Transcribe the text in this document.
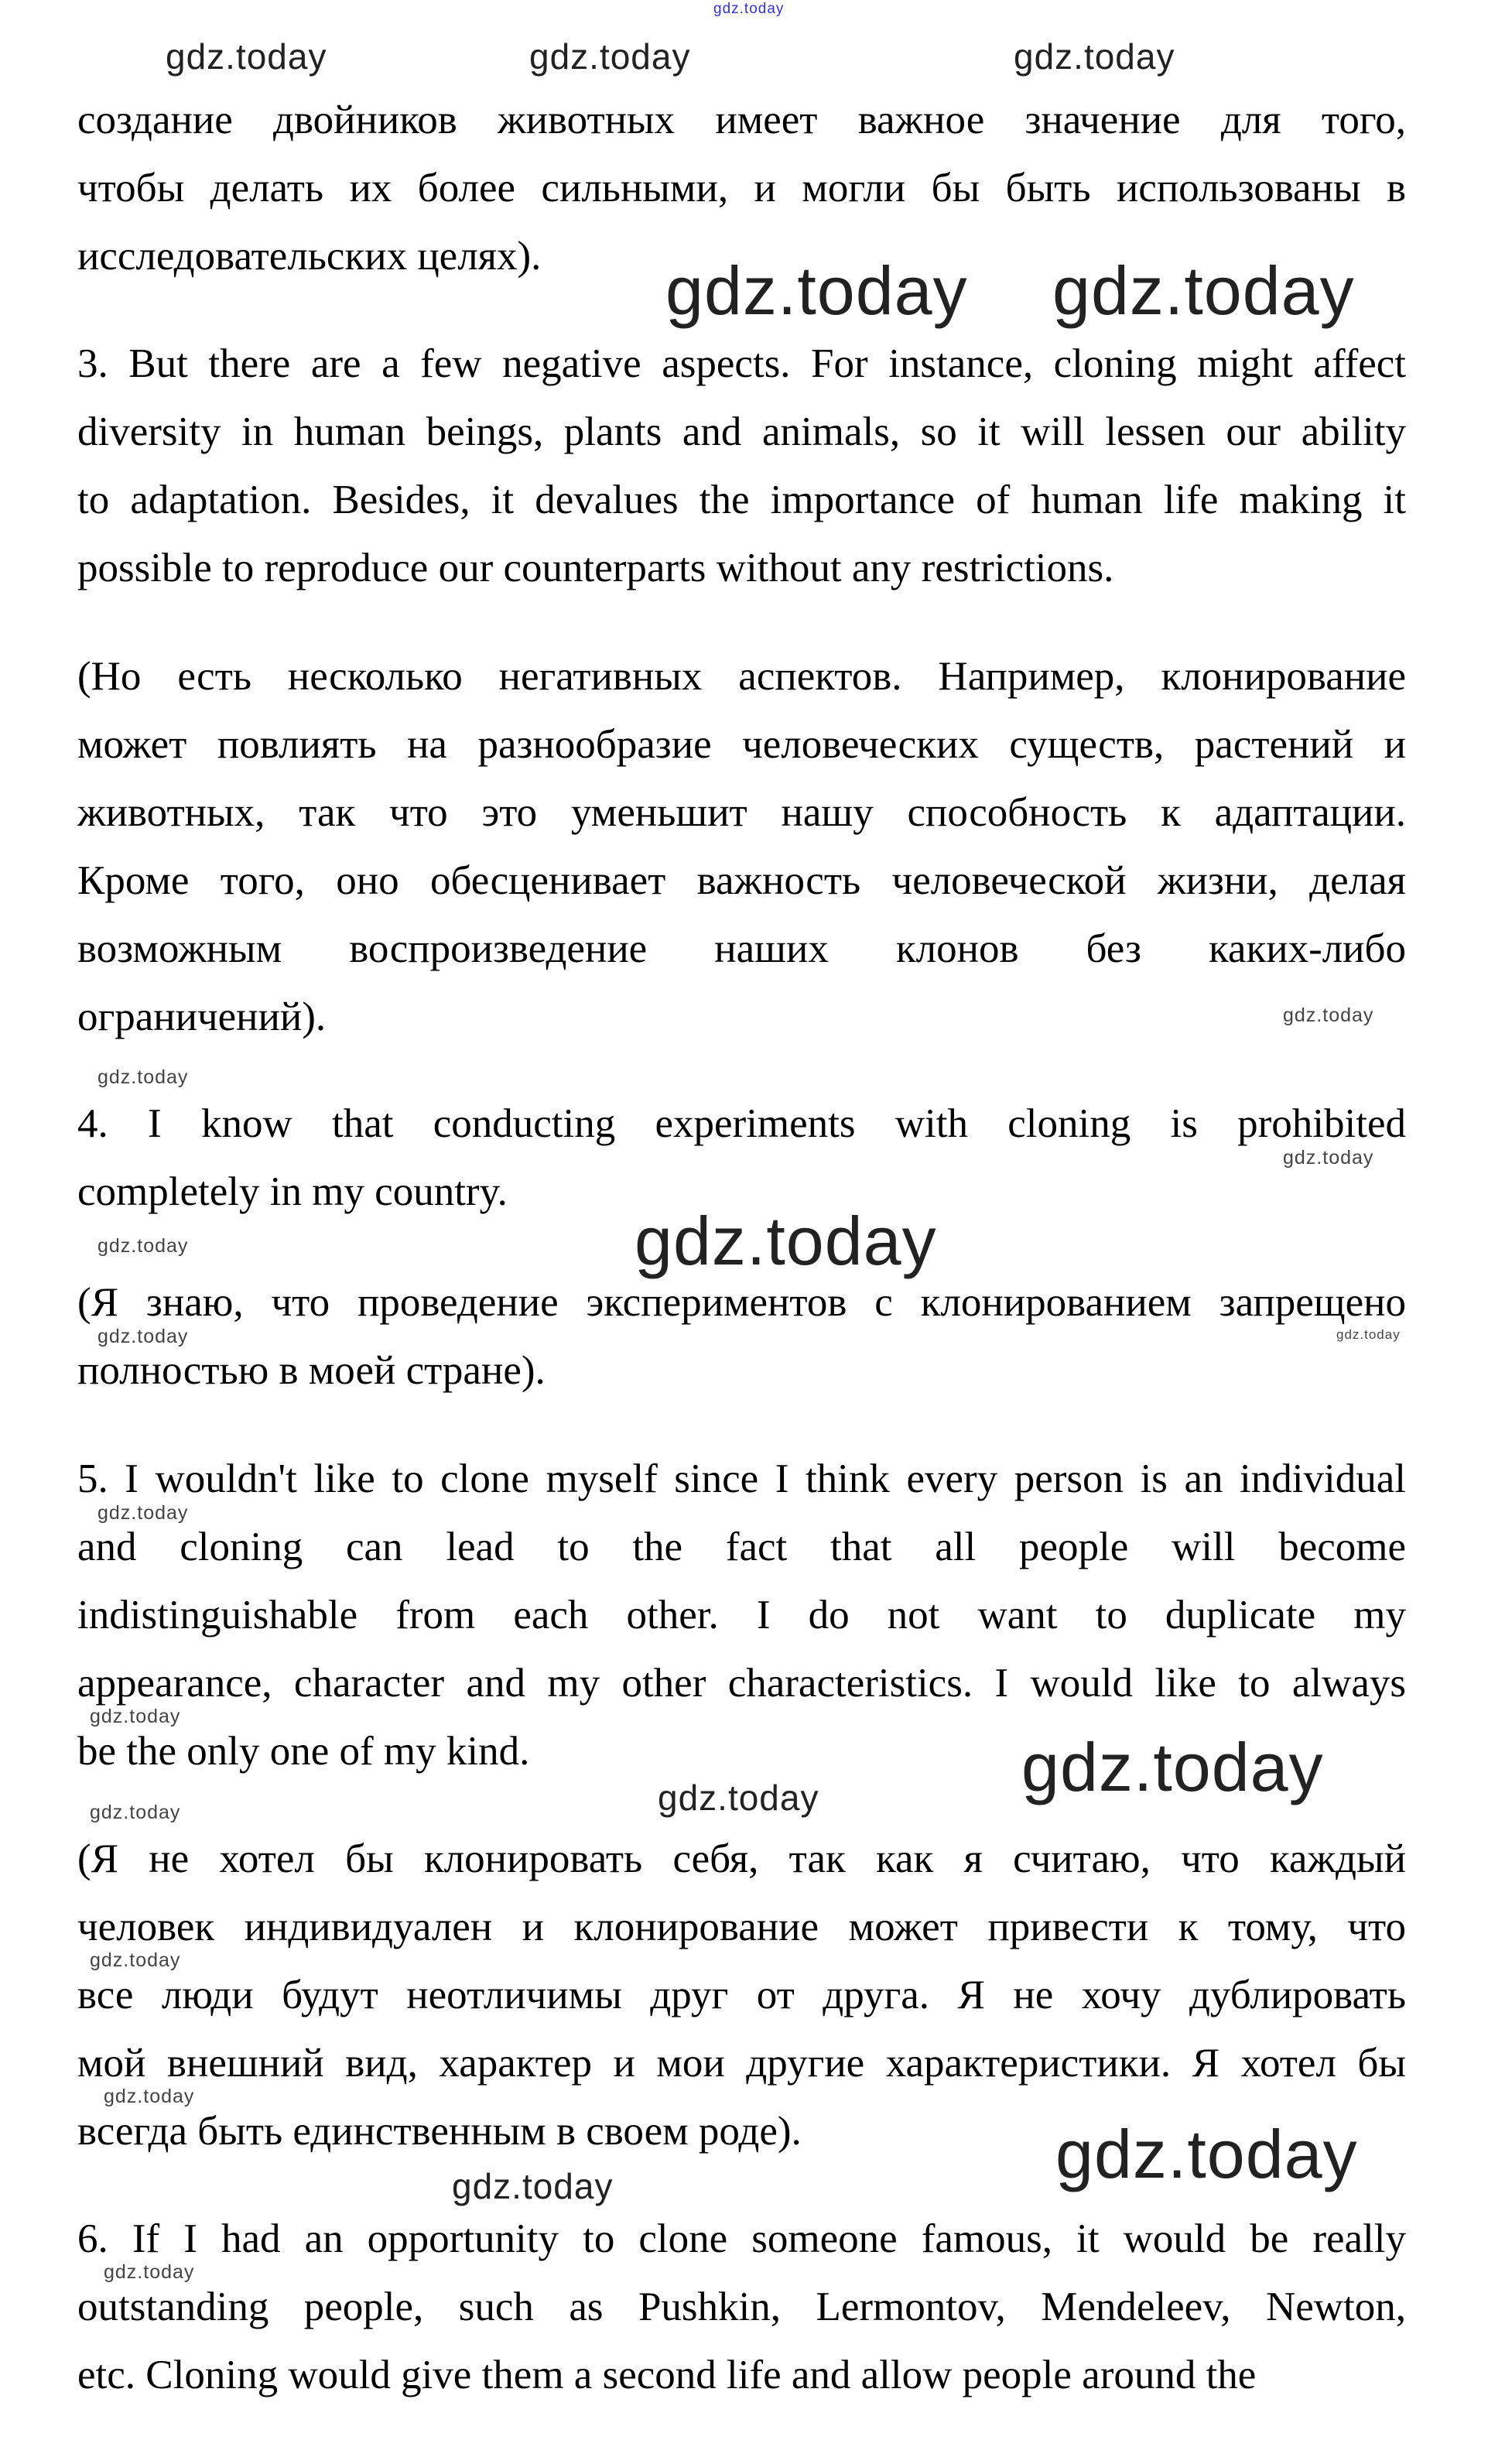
создание двойников животных имеет важное значение для того,
чтобы делать их более сильными, и могли бы быть использованы в
исследовательских целях).
3. But there are a few negative aspects. For instance, cloning might affect
diversity in human beings, plants and animals, so it will lessen our ability
to adaptation. Besides, it devalues the importance of human life making it
possible to reproduce our counterparts without any restrictions.
(Но есть несколько негативных аспектов. Например, клонирование
может повлиять на разнообразие человеческих существ, растений и
животных, так что это уменьшит нашу способность к адаптации.
Кроме того, оно обесценивает важность человеческой жизни, делая
возможным воспроизведение наших клонов без каких-либо
ограничений).
4. I know that conducting experiments with cloning is prohibited
completely in my country.
(Я знаю, что проведение экспериментов с клонированием запрещено
полностью в моей стране).
5. I wouldn't like to clone myself since I think every person is an individual
and cloning can lead to the fact that all people will become
indistinguishable from each other. I do not want to duplicate my
appearance, character and my other characteristics. I would like to always
be the only one of my kind.
(Я не хотел бы клонировать себя, так как я считаю, что каждый
человек индивидуален и клонирование может привести к тому, что
все люди будут неотличимы друг от друга. Я не хочу дублировать
мой внешний вид, характер и мои другие характеристики. Я хотел бы
всегда быть единственным в своем роде).
6. If I had an opportunity to clone someone famous, it would be really
outstanding people, such as Pushkin, Lermontov, Mendeleev, Newton,
etc. Cloning would give them a second life and allow people around the
gdz.today
gdz.today	gdz.today	gdz.today
gdz.today gdz.today
gdz.today
gdz.today
gdz.today
gdz.today	gdz.today
gdz.today
gdz.today
gdz.today
gdz.today
gdz.today
gdz.today
gdz.today
gdz.today
gdz.today
gdz.today	gdz.today
gdz.today
